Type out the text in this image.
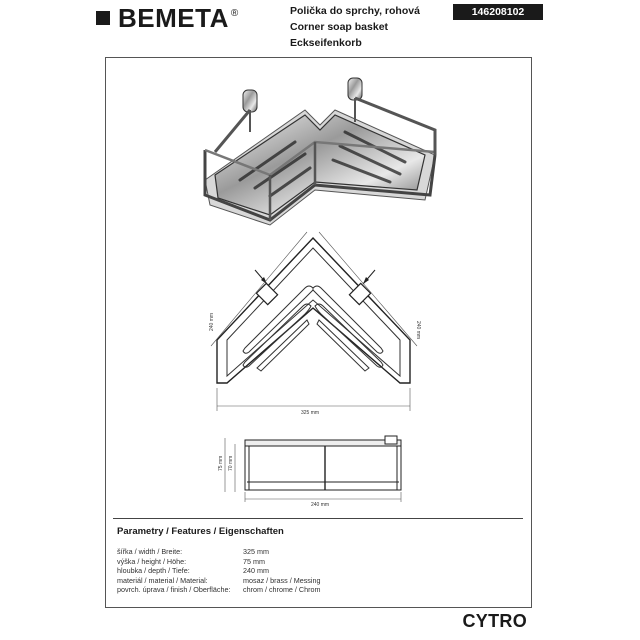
BEMETA ®	Polička do sprchy, rohová
Corner soap basket
Eckseifenkorb
146208102
240 mm	240 mm
325 mm
75 mm 70 mm
240 mm
Parametry / Features / Eigenschaften
šířka / width / Breite:	325 mm
výška / height / Höhe:	75 mm
hloubka / depth / Tiefe:	240 mm
materiál / material / Material:	mosaz / brass / Messing
povrch. úprava / finish / Oberfläche:	chrom / chrome / Chrom
CYTRO
